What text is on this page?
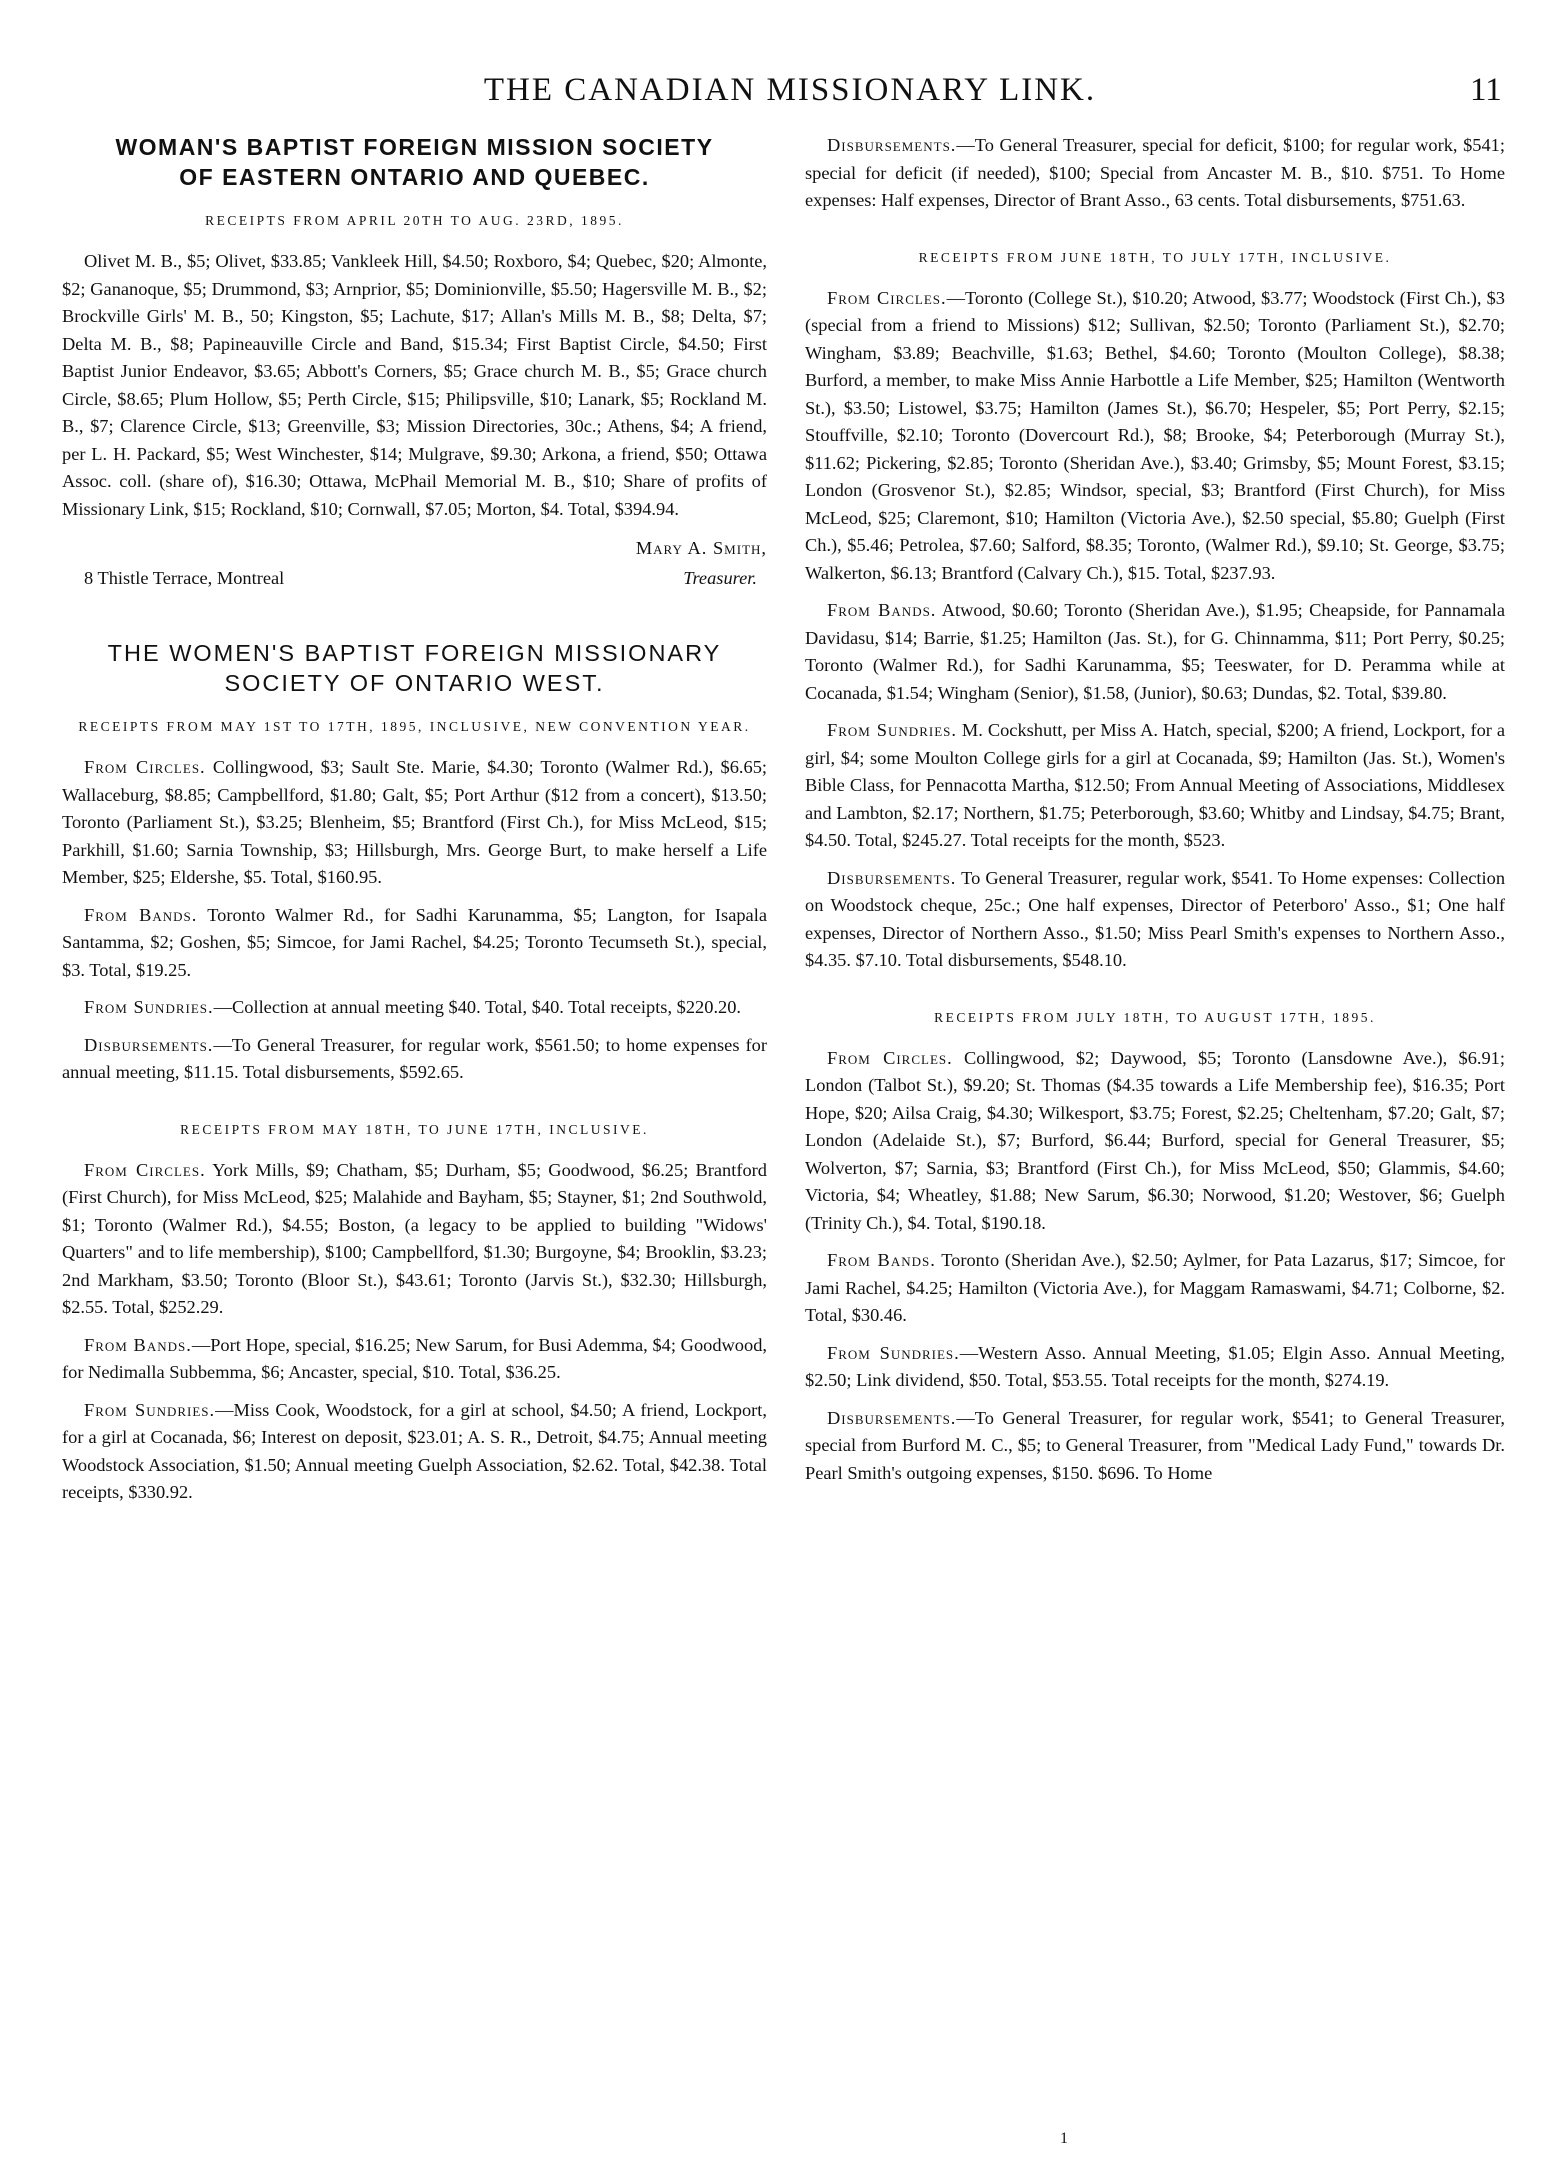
THE CANADIAN MISSIONARY LINK.	11
WOMAN'S BAPTIST FOREIGN MISSION SOCIETY
OF EASTERN ONTARIO AND QUEBEC.
RECEIPTS FROM APRIL 20TH TO AUG. 23RD, 1895.

Olivet M. B., $5; Olivet, $33.85; Vankleek Hill, $4.50; Roxboro, $4; Quebec, $20; Almonte, $2; Gananoque, $5; Drummond, $3; Arnprior, $5; Dominionville, $5.50; Hagersville M. B., $2; Brockville Girls' M. B., 50; Kingston, $5; Lachute, $17; Allan's Mills M. B., $8; Delta, $7; Delta M. B., $8; Papineauville Circle and Band, $15.34; First Baptist Circle, $4.50; First Baptist Junior Endeavor, $3.65; Abbott's Corners, $5; Grace church M. B., $5; Grace church Circle, $8.65; Plum Hollow, $5; Perth Circle, $15; Philipsville, $10; Lanark, $5; Rockland M. B., $7; Clarence Circle, $13; Greenville, $3; Mission Directories, 30c.; Athens, $4; A friend, per L. H. Packard, $5; West Winchester, $14; Mulgrave, $9.30; Arkona, a friend, $50; Ottawa Assoc. coll. (share of), $16.30; Ottawa, McPhail Memorial M. B., $10; Share of profits of Missionary Link, $15; Rockland, $10; Cornwall, $7.05; Morton, $4. Total, $394.94.

Mary A. Smith,
8 Thistle Terrace, Montreal	Treasurer.
THE WOMEN'S BAPTIST FOREIGN MISSIONARY
SOCIETY OF ONTARIO WEST.
RECEIPTS FROM MAY 1ST TO 17TH, 1895, INCLUSIVE, NEW CONVENTION YEAR.

From Circles. Collingwood, $3; Sault Ste. Marie, $4.30; Toronto (Walmer Rd.), $6.65; Wallaceburg, $8.85; Campbellford, $1.80; Galt, $5; Port Arthur ($12 from a concert), $13.50; Toronto (Parliament St.), $3.25; Blenheim, $5; Brantford (First Ch.), for Miss McLeod, $15; Parkhill, $1.60; Sarnia Township, $3; Hillsburgh, Mrs. George Burt, to make herself a Life Member, $25; Eldershe, $5. Total, $160.95.

From Bands. Toronto Walmer Rd., for Sadhi Karunamma, $5; Langton, for Isapala Santamma, $2; Goshen, $5; Simcoe, for Jami Rachel, $4.25; Toronto Tecumseth St.), special, $3. Total, $19.25.

From Sundries.—Collection at annual meeting $40. Total, $40. Total receipts, $220.20.

Disbursements.—To General Treasurer, for regular work, $561.50; to home expenses for annual meeting, $11.15. Total disbursements, $592.65.

RECEIPTS FROM MAY 18TH, TO JUNE 17TH, INCLUSIVE.

From Circles. York Mills, $9; Chatham, $5; Durham, $5; Goodwood, $6.25; Brantford (First Church), for Miss McLeod, $25; Malahide and Bayham, $5; Stayner, $1; 2nd Southwold, $1; Toronto (Walmer Rd.), $4.55; Boston, (a legacy to be applied to building "Widows' Quarters" and to life membership), $100; Campbellford, $1.30; Burgoyne, $4; Brooklin, $3.23; 2nd Markham, $3.50; Toronto (Bloor St.), $43.61; Toronto (Jarvis St.), $32.30; Hillsburgh, $2.55. Total, $252.29.

From Bands.—Port Hope, special, $16.25; New Sarum, for Busi Ademma, $4; Goodwood, for Nedimalla Subbemma, $6; Ancaster, special, $10. Total, $36.25.

From Sundries.—Miss Cook, Woodstock, for a girl at school, $4.50; A friend, Lockport, for a girl at Cocanada, $6; Interest on deposit, $23.01; A. S. R., Detroit, $4.75; Annual meeting Woodstock Association, $1.50; Annual meeting Guelph Association, $2.62. Total, $42.38. Total receipts, $330.92.

Disbursements.—To General Treasurer, special for deficit, $100; for regular work, $541; special for deficit (if needed), $100; Special from Ancaster M. B., $10. $751. To Home expenses: Half expenses, Director of Brant Asso., 63 cents. Total disbursements, $751.63.

RECEIPTS FROM JUNE 18TH, TO JULY 17TH, INCLUSIVE.

From Circles.—Toronto (College St.), $10.20; Atwood, $3.77; Woodstock (First Ch.), $3 (special from a friend to Missions) $12; Sullivan, $2.50; Toronto (Parliament St.), $2.70; Wingham, $3.89; Beachville, $1.63; Bethel, $4.60; Toronto (Moulton College), $8.38; Burford, a member, to make Miss Annie Harbottle a Life Member, $25; Hamilton (Wentworth St.), $3.50; Listowel, $3.75; Hamilton (James St.), $6.70; Hespeler, $5; Port Perry, $2.15; Stouffville, $2.10; Toronto (Dovercourt Rd.), $8; Brooke, $4; Peterborough (Murray St.), $11.62; Pickering, $2.85; Toronto (Sheridan Ave.), $3.40; Grimsby, $5; Mount Forest, $3.15; London (Grosvenor St.), $2.85; Windsor, special, $3; Brantford (First Church), for Miss McLeod, $25; Claremont, $10; Hamilton (Victoria Ave.), $2.50 special, $5.80; Guelph (First Ch.), $5.46; Petrolea, $7.60; Salford, $8.35; Toronto, (Walmer Rd.), $9.10; St. George, $3.75; Walkerton, $6.13; Brantford (Calvary Ch.), $15. Total, $237.93.

From Bands. Atwood, $0.60; Toronto (Sheridan Ave.), $1.95; Cheapside, for Pannamala Davidasu, $14; Barrie, $1.25; Hamilton (Jas. St.), for G. Chinnamma, $11; Port Perry, $0.25; Toronto (Walmer Rd.), for Sadhi Karunamma, $5; Teeswater, for D. Peramma while at Cocanada, $1.54; Wingham (Senior), $1.58, (Junior), $0.63; Dundas, $2. Total, $39.80.

From Sundries. M. Cockshutt, per Miss A. Hatch, special, $200; A friend, Lockport, for a girl, $4; some Moulton College girls for a girl at Cocanada, $9; Hamilton (Jas. St.), Women's Bible Class, for Pennacotta Martha, $12.50; From Annual Meeting of Associations, Middlesex and Lambton, $2.17; Northern, $1.75; Peterborough, $3.60; Whitby and Lindsay, $4.75; Brant, $4.50. Total, $245.27. Total receipts for the month, $523.

Disbursements. To General Treasurer, regular work, $541. To Home expenses: Collection on Woodstock cheque, 25c.; One half expenses, Director of Peterboro' Asso., $1; One half expenses, Director of Northern Asso., $1.50; Miss Pearl Smith's expenses to Northern Asso., $4.35. $7.10. Total disbursements, $548.10.

RECEIPTS FROM JULY 18TH, TO AUGUST 17TH, 1895.

From Circles. Collingwood, $2; Daywood, $5; Toronto (Lansdowne Ave.), $6.91; London (Talbot St.), $9.20; St. Thomas ($4.35 towards a Life Membership fee), $16.35; Port Hope, $20; Ailsa Craig, $4.30; Wilkesport, $3.75; Forest, $2.25; Cheltenham, $7.20; Galt, $7; London (Adelaide St.), $7; Burford, $6.44; Burford, special for General Treasurer, $5; Wolverton, $7; Sarnia, $3; Brantford (First Ch.), for Miss McLeod, $50; Glammis, $4.60; Victoria, $4; Wheatley, $1.88; New Sarum, $6.30; Norwood, $1.20; Westover, $6; Guelph (Trinity Ch.), $4. Total, $190.18.

From Bands. Toronto (Sheridan Ave.), $2.50; Aylmer, for Pata Lazarus, $17; Simcoe, for Jami Rachel, $4.25; Hamilton (Victoria Ave.), for Maggam Ramaswami, $4.71; Colborne, $2. Total, $30.46.

From Sundries.—Western Asso. Annual Meeting, $1.05; Elgin Asso. Annual Meeting, $2.50; Link dividend, $50. Total, $53.55. Total receipts for the month, $274.19.

Disbursements.—To General Treasurer, for regular work, $541; to General Treasurer, special from Burford M. C., $5; to General Treasurer, from "Medical Lady Fund," towards Dr. Pearl Smith's outgoing expenses, $150. $696. To Home

1
